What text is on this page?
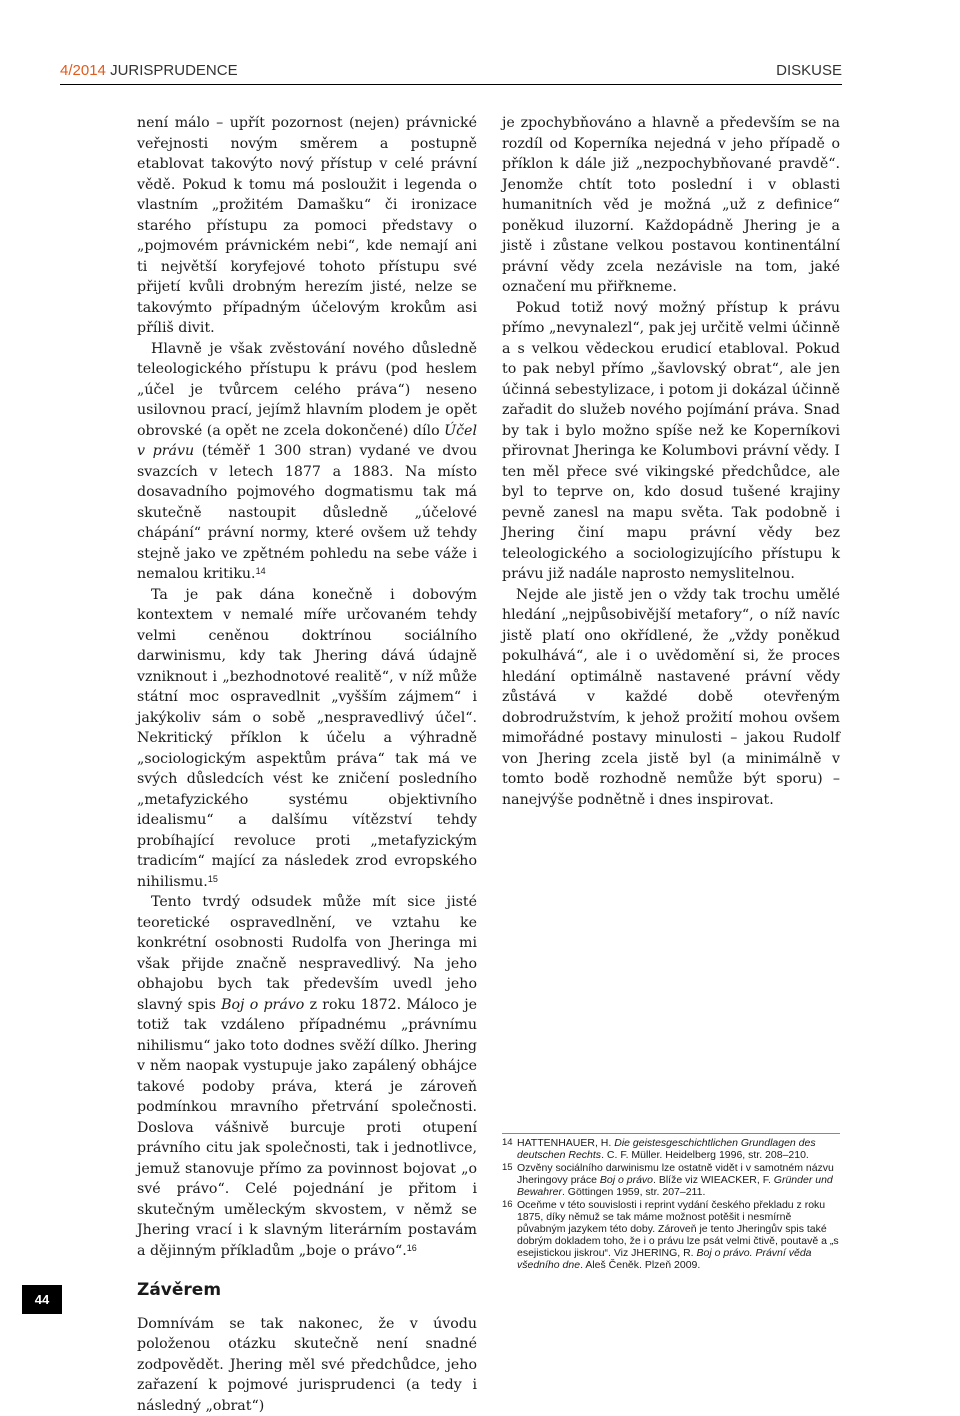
4/2014 JURISPRUDENCE	DISKUSE

není málo – upřít pozornost (nejen) právnické veřejnosti novým směrem a postupně etablovat takovýto nový přístup v celé právní vědě. Pokud k tomu má posloužit i legenda o vlastním „prožitém Damašku“ či ironizace starého přístupu za pomoci představy o „pojmovém právnickém nebi“, kde nemají ani ti největší koryfejové tohoto přístupu své přijetí kvůli drobným herezím jisté, nelze se takovýmto případným účelovým krokům asi příliš divit.

Hlavně je však zvěstování nového důsledně teleologického přístupu k právu (pod heslem „účel je tvůrcem celého práva“) neseno usilovnou prací, jejímž hlavním plodem je opět obrovské (a opět ne zcela dokončené) dílo Účel v právu (téměř 1 300 stran) vydané ve dvou svazcích v letech 1877 a 1883. Na místo dosavadního pojmového dogmatismu tak má skutečně nastoupit důsledně „účelové chápání“ právní normy, které ovšem už tehdy stejně jako ve zpětném pohledu na sebe váže i nemalou kritiku.$^{14}$

Ta je pak dána konečně i dobovým kontextem v nemalé míře určovaném tehdy velmi ceněnou doktrínou sociálního darwinismu, kdy tak Jhering dává údajně vzniknout i „bezhodnotové realitě“, v níž může státní moc ospravedlnit „vyšším zájmem“ i jakýkoliv sám o sobě „nespravedlivý účel“. Nekritický příklon k účelu a výhradně „sociologickým aspektům práva“ tak má ve svých důsledcích vést ke zničení posledního „metafyzického systému objektivního idealismu“ a dalšímu vítězství tehdy probíhající revoluce proti „metafyzickým tradicím“ mající za následek zrod evropského nihilismu.$^{15}$

Tento tvrdý odsudek může mít sice jisté teoretické ospravedlnění, ve vztahu ke konkrétní osobnosti Rudolfa von Jheringa mi však přijde značně nespravedlivý. Na jeho obhajobu bych tak především uvedl jeho slavný spis Boj o právo z roku 1872. Máloco je totiž tak vzdáleno případnému „právnímu nihilismu“ jako toto dodnes svěží dílko. Jhering v něm naopak vystupuje jako zapálený obhájce takové podoby práva, která je zároveň podmínkou mravního přetrvání společnosti. Doslova vášnivě burcuje proti otupení právního citu jak společnosti, tak i jednotlivce, jemuž stanovuje přímo za povinnost bojovat „o své právo“. Celé pojednání je přitom i skutečným uměleckým skvostem, v němž se Jhering vrací i k slavným literárním postavám a dějinným příkladům „boje o právo“.$^{16}$

Závěrem

Domnívám se tak nakonec, že v úvodu položenou otázku skutečně není snadné zodpovědět. Jhering měl své předchůdce, jeho zařazení k pojmové jurisprudenci (a tedy i následný „obrat“)

je zpochybňováno a hlavně a především se na rozdíl od Koperníka nejedná v jeho případě o příklon k dále již „nezpochybňované pravdě“. Jenomže chtít toto poslední i v oblasti humanitních věd je možná „už z definice“ poněkud iluzorní. Každopádně Jhering je a jistě i zůstane velkou postavou kontinentální právní vědy zcela nezávisle na tom, jaké označení mu přiřkneme.

Pokud totiž nový možný přístup k právu přímo „nevynalezl“, pak jej určitě velmi účinně a s velkou vědeckou erudicí etabloval. Pokud to pak nebyl přímo „šavlovský obrat“, ale jen účinná sebestylizace, i potom ji dokázal účinně zařadit do služeb nového pojímání práva. Snad by tak i bylo možno spíše než ke Koperníkovi přirovnat Jheringa ke Kolumbovi právní vědy. I ten měl přece své vikingské předchůdce, ale byl to teprve on, kdo dosud tušené krajiny pevně zanesl na mapu světa. Tak podobně i Jhering činí mapu právní vědy bez teleologického a sociologizujícího přístupu k právu již nadále naprosto nemyslitelnou.

Nejde ale jistě jen o vždy tak trochu umělé hledání „nejpůsobivější metafory“, o níž navíc jistě platí ono okřídlené, že „vždy poněkud pokulhává“, ale i o uvědomění si, že proces hledání optimálně nastavené právní vědy zůstává v každé době otevřeným dobrodružstvím, k jehož prožití mohou ovšem mimořádné postavy minulosti – jakou Rudolf von Jhering zcela jistě byl (a minimálně v tomto bodě rozhodně nemůže být sporu) –nanejvýše podnětně i dnes inspirovat.

14 HATTENHAUER, H. Die geistesgeschichtlichen Grundlagen des deutschen Rechts. C. F. Müller. Heidelberg 1996, str. 208–210.
15 Ozvěny sociálního darwinismu lze ostatně vidět i v samotném názvu Jheringovy práce Boj o právo. Blíže viz WIEACKER, F. Gründer und Bewahrer. Göttingen 1959, str. 207–211.
16 Oceňme v této souvislosti i reprint vydání českého překladu z roku 1875, díky němuž se tak máme možnost potěšit i nesmírně půvabným jazykem této doby. Zároveň je tento Jheringův spis také dobrým dokladem toho, že i o právu lze psát velmi čtivě, poutavě a „s esejistickou jiskrou“. Viz JHERING, R. Boj o právo. Právní věda všedního dne. Aleš Čeněk. Plzeň 2009.
44
